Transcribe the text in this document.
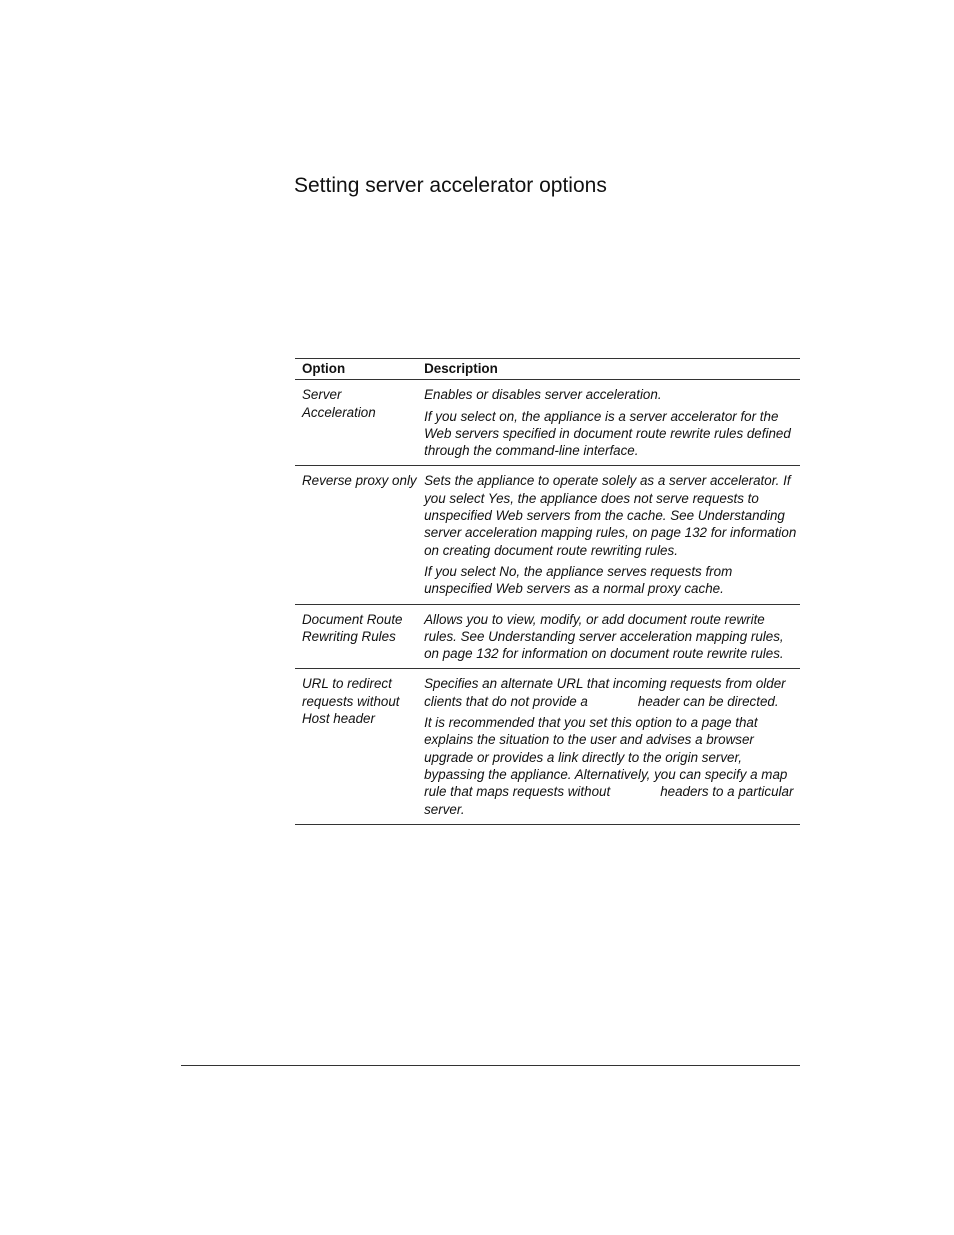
Setting server accelerator options
Option	Description
Server Acceleration	Enables or disables server acceleration.

If you select on, the appliance is a server accelerator for the Web servers specified in document route rewrite rules defined through the command-line interface.

Reverse proxy only	Sets the appliance to operate solely as a server accelerator. If you select Yes, the appliance does not serve requests to unspecified Web servers from the cache. See Understanding server acceleration mapping rules, on page 132 for information on creating document route rewriting rules.

If you select No, the appliance serves requests from unspecified Web servers as a normal proxy cache.

Document Route Rewriting Rules	Allows you to view, modify, or add document route rewrite rules. See Understanding server acceleration mapping rules, on page 132 for information on document route rewrite rules.

URL to redirect requests without Host header	Specifies an alternate URL that incoming requests from older clients that do not provide a header can be directed.

It is recommended that you set this option to a page that explains the situation to the user and advises a browser upgrade or provides a link directly to the origin server, bypassing the appliance. Alternatively, you can specify a map rule that maps requests without headers to a particular server.
